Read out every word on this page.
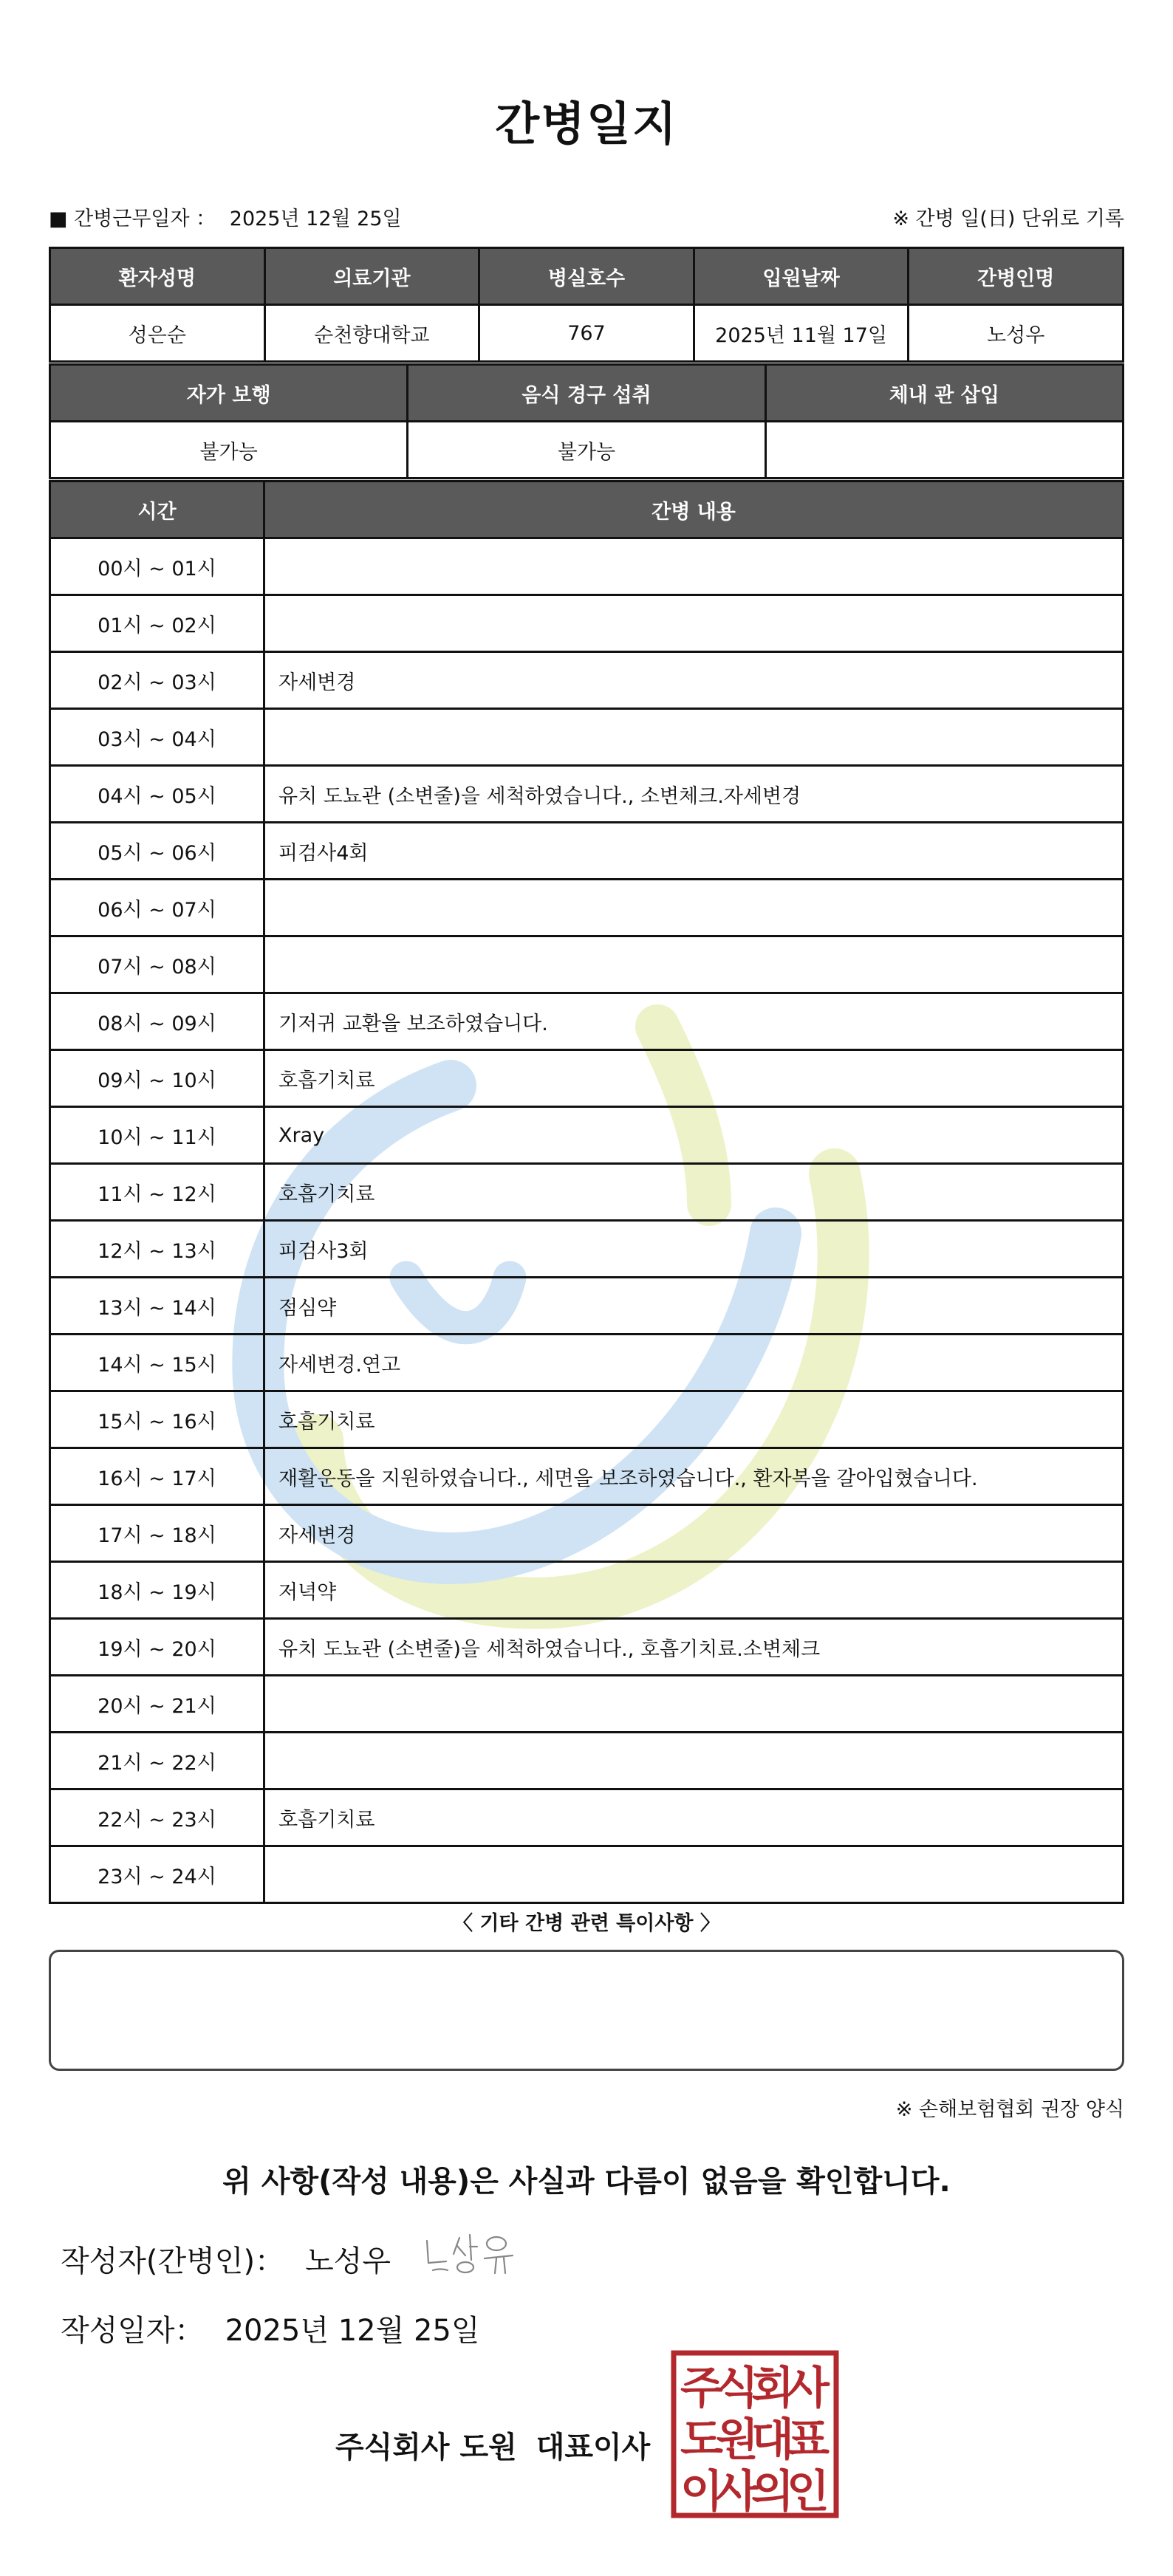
간병일지
■ 간병근무일자 ： 2025년 12월 25일	※ 간병 일(日) 단위로 기록
환자성명	의료기관	병실호수	입원날짜	간병인명
성은순	순천향대학교	767	2025년 11월 17일	노성우
자가 보행	음식 경구 섭취	체내 관 삽입
불가능	불가능	
시간	간병 내용
00시 ~ 01시	
01시 ~ 02시	
02시 ~ 03시	자세변경
03시 ~ 04시	
04시 ~ 05시	유치 도뇨관 (소변줄)을 세척하였습니다., 소변체크.자세변경
05시 ~ 06시	피검사4회
06시 ~ 07시	
07시 ~ 08시	
08시 ~ 09시	기저귀 교환을 보조하였습니다.
09시 ~ 10시	호흡기치료
10시 ~ 11시	Xray
11시 ~ 12시	호흡기치료
12시 ~ 13시	피검사3회
13시 ~ 14시	점심약
14시 ~ 15시	자세변경.연고
15시 ~ 16시	호흡기치료
16시 ~ 17시	재활운동을 지원하였습니다., 세면을 보조하였습니다., 환자복을 갈아입혔습니다.
17시 ~ 18시	자세변경
18시 ~ 19시	저녁약
19시 ~ 20시	유치 도뇨관 (소변줄)을 세척하였습니다., 호흡기치료.소변체크
20시 ~ 21시	
21시 ~ 22시	
22시 ~ 23시	호흡기치료
23시 ~ 24시	
〈 기타 간병 관련 특이사항 〉
※ 손해보험협회 권장 양식
위 사항(작성 내용)은 사실과 다름이 없음을 확인합니다.
작성자(간병인)： 노성우
작성일자： 2025년 12월 25일
주식회사 도원 대표이사
주
식
회
사
도
원
대
표
이
사
의
인
